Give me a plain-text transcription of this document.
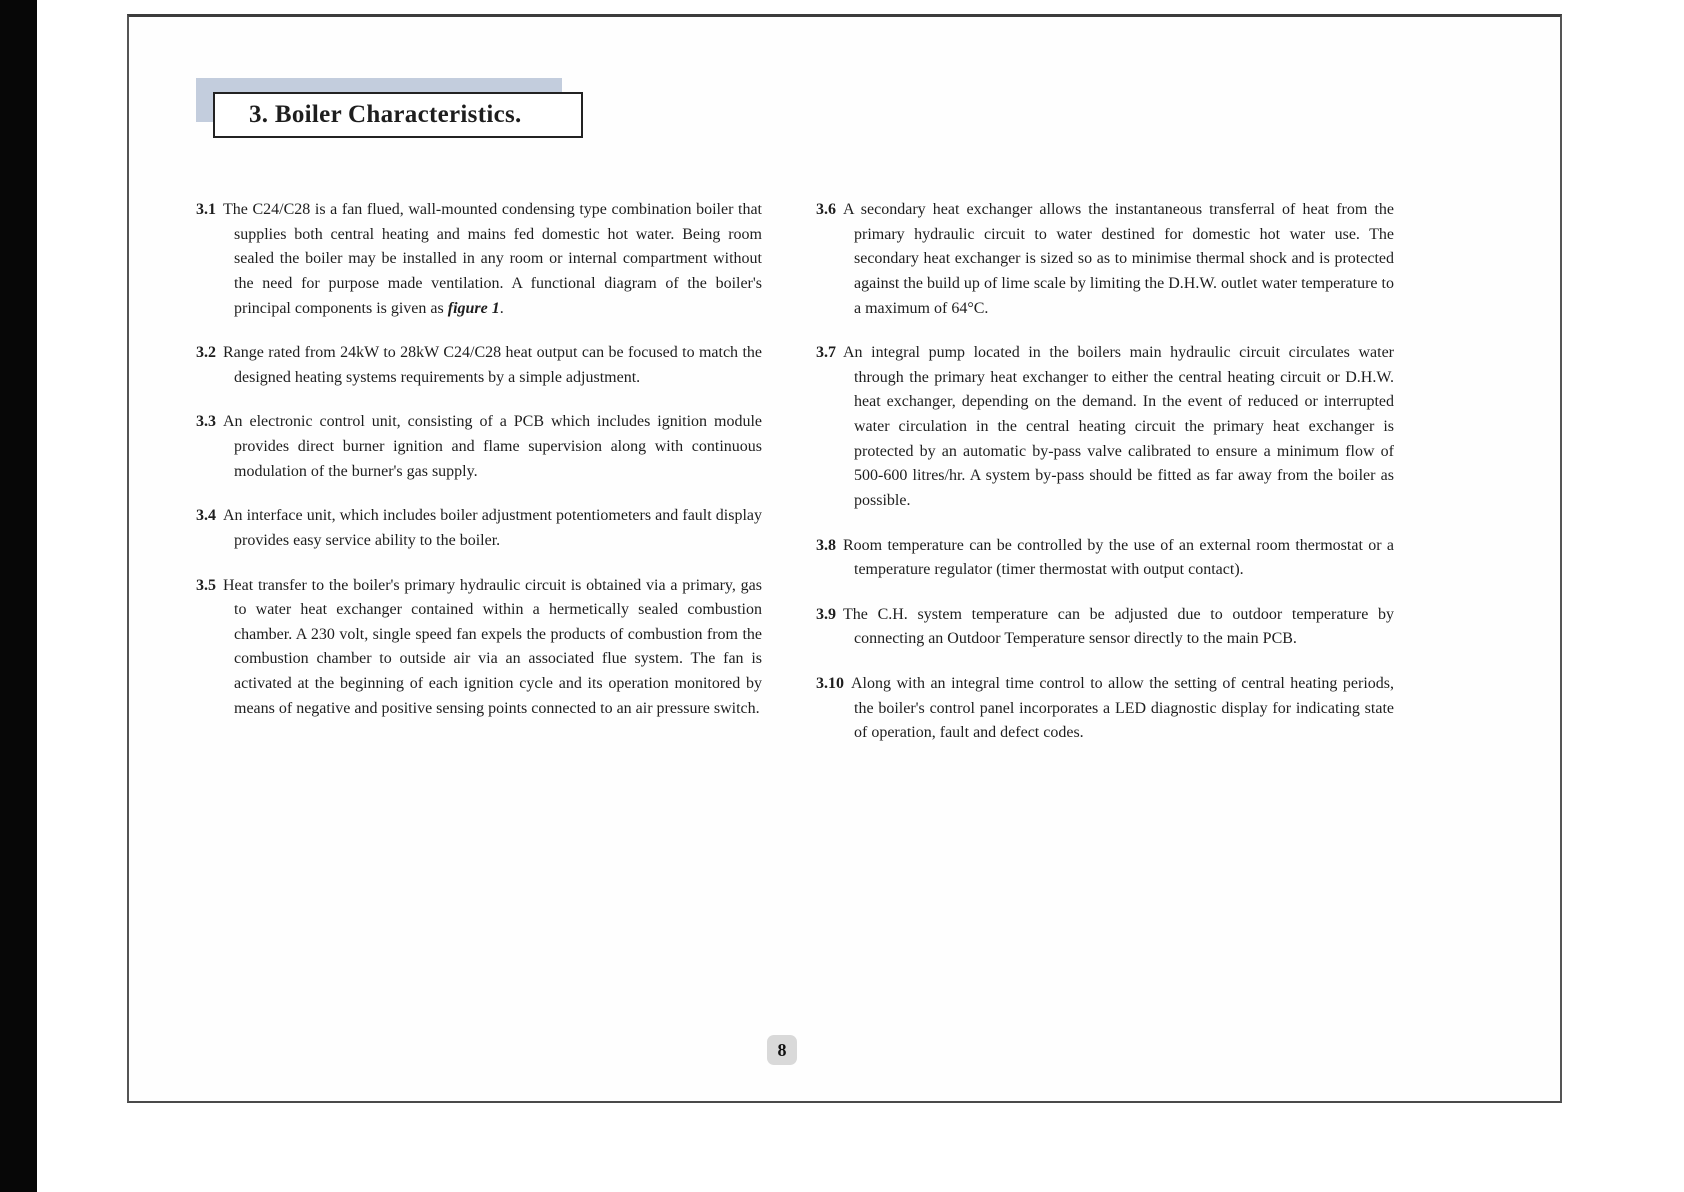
3. Boiler Characteristics.

3.1 The C24/C28 is a fan flued, wall-mounted condensing type combination boiler that supplies both central heating and mains fed domestic hot water. Being room sealed the boiler may be installed in any room or internal compartment without the need for purpose made ventilation. A functional diagram of the boiler's principal components is given as figure 1.

3.2 Range rated from 24kW to 28kW C24/C28 heat output can be focused to match the designed heating systems requirements by a simple adjustment.

3.3 An electronic control unit, consisting of a PCB which includes ignition module provides direct burner ignition and flame supervision along with continuous modulation of the burner's gas supply.

3.4 An interface unit, which includes boiler adjustment potentiometers and fault display provides easy service ability to the boiler.

3.5 Heat transfer to the boiler's primary hydraulic circuit is obtained via a primary, gas to water heat exchanger contained within a hermetically sealed combustion chamber. A 230 volt, single speed fan expels the products of combustion from the combustion chamber to outside air via an associated flue system. The fan is activated at the beginning of each ignition cycle and its operation monitored by means of negative and positive sensing points connected to an air pressure switch.

3.6 A secondary heat exchanger allows the instantaneous transferral of heat from the primary hydraulic circuit to water destined for domestic hot water use. The secondary heat exchanger is sized so as to minimise thermal shock and is protected against the build up of lime scale by limiting the D.H.W. outlet water temperature to a maximum of 64°C.

3.7 An integral pump located in the boilers main hydraulic circuit circulates water through the primary heat exchanger to either the central heating circuit or D.H.W. heat exchanger, depending on the demand. In the event of reduced or interrupted water circulation in the central heating circuit the primary heat exchanger is protected by an automatic by-pass valve calibrated to ensure a minimum flow of 500-600 litres/hr. A system by-pass should be fitted as far away from the boiler as possible.

3.8 Room temperature can be controlled by the use of an external room thermostat or a temperature regulator (timer thermostat with output contact).

3.9 The C.H. system temperature can be adjusted due to outdoor temperature by connecting an Outdoor Temperature sensor directly to the main PCB.

3.10 Along with an integral time control to allow the setting of central heating periods, the boiler's control panel incorporates a LED diagnostic display for indicating state of operation, fault and defect codes.

8
